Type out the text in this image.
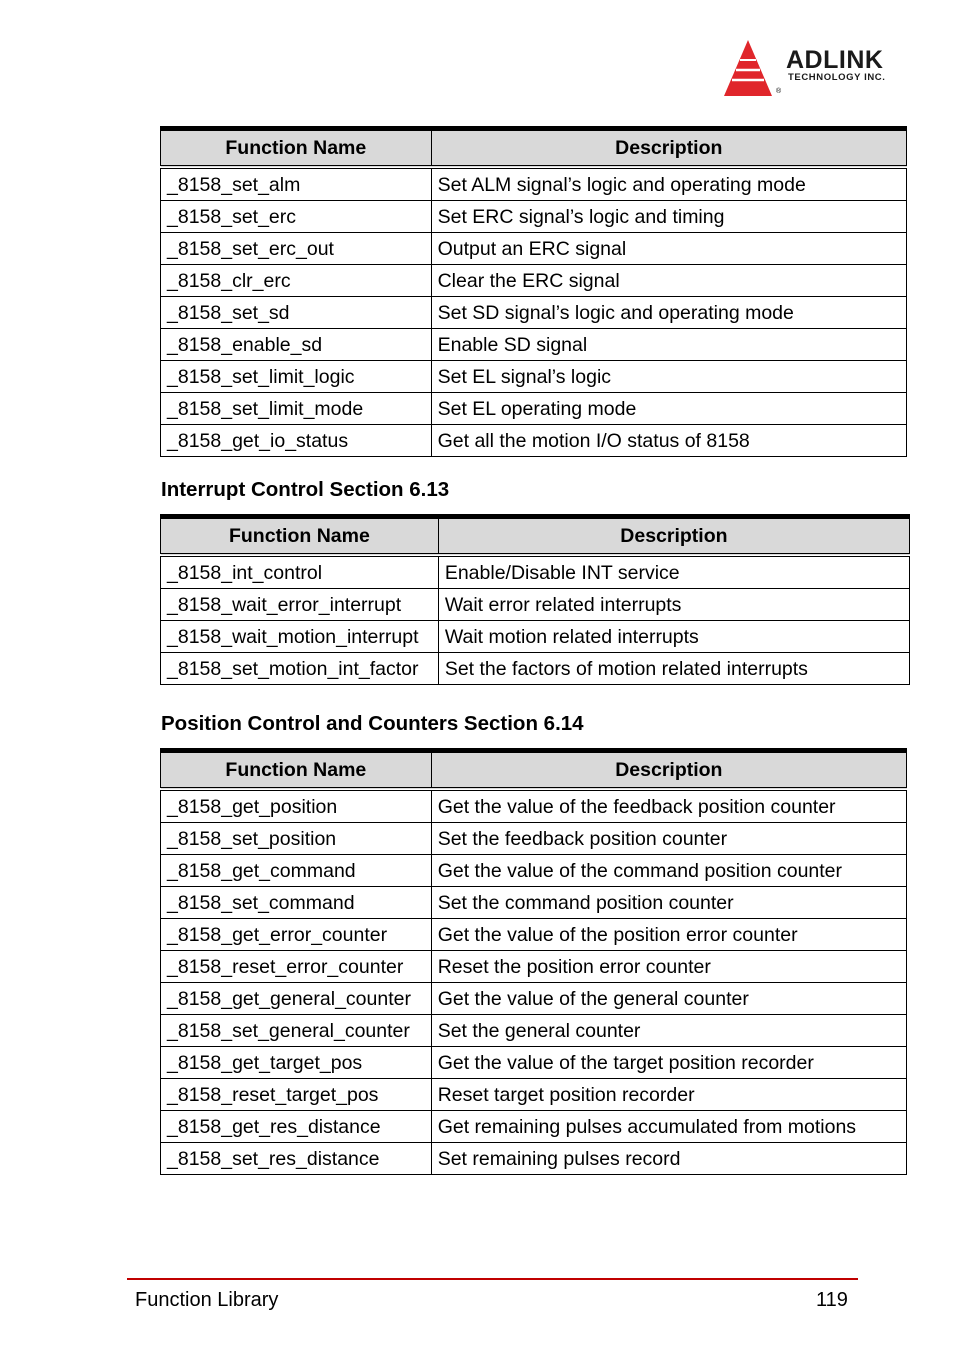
ADLINK
TECHNOLOGY INC.
®
Function Name	Description
_8158_set_alm	Set ALM signal’s logic and operating mode
_8158_set_erc	Set ERC signal’s logic and timing
_8158_set_erc_out	Output an ERC signal
_8158_clr_erc	Clear the ERC signal
_8158_set_sd	Set SD signal’s logic and operating mode
_8158_enable_sd	Enable SD signal
_8158_set_limit_logic	Set EL signal’s logic
_8158_set_limit_mode	Set EL operating mode
_8158_get_io_status	Get all the motion I/O status of 8158
Interrupt Control Section 6.13
Function Name	Description
_8158_int_control	Enable/Disable INT service
_8158_wait_error_interrupt	Wait error related interrupts
_8158_wait_motion_interrupt	Wait motion related interrupts
_8158_set_motion_int_factor	Set the factors of motion related interrupts
Position Control and Counters Section 6.14
Function Name	Description
_8158_get_position	Get the value of the feedback position counter
_8158_set_position	Set the feedback position counter
_8158_get_command	Get the value of the command position counter
_8158_set_command	Set the command position counter
_8158_get_error_counter	Get the value of the position error counter
_8158_reset_error_counter	Reset the position error counter
_8158_get_general_counter	Get the value of the general counter
_8158_set_general_counter	Set the general counter
_8158_get_target_pos	Get the value of the target position recorder
_8158_reset_target_pos	Reset target position recorder
_8158_get_res_distance	Get remaining pulses accumulated from motions
_8158_set_res_distance	Set remaining pulses record
Function Library	119
